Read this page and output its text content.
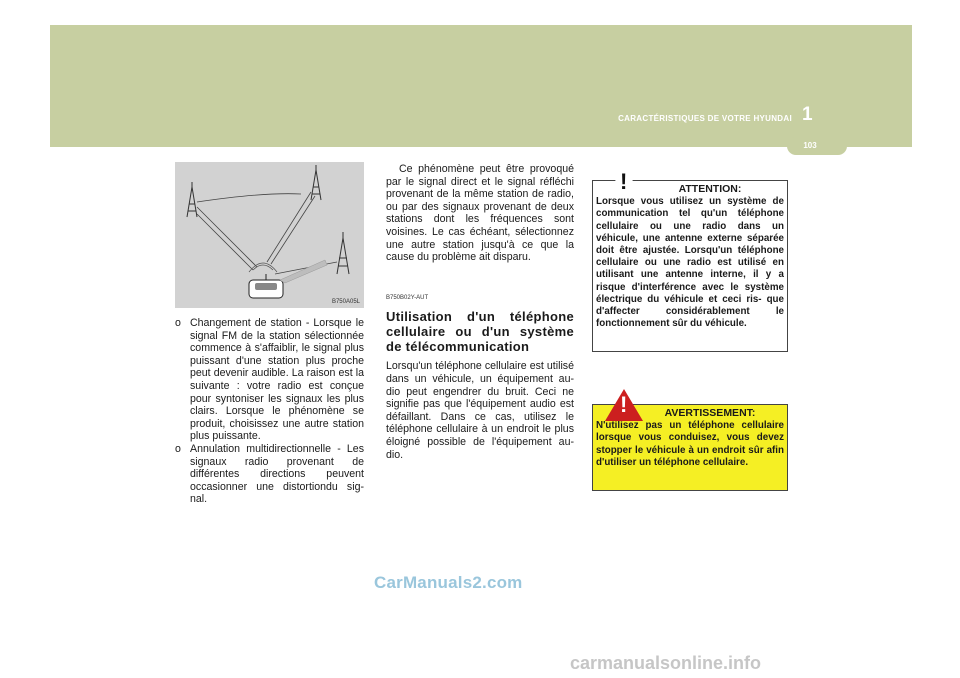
CARACTÉRISTIQUES DE VOTRE HYUNDAI 1
103
B750A05L
o Changement de station - Lorsque le signal FM de la station sélectionnée commence à s'affaiblir, le signal plus puissant d'une station plus proche peut devenir audible. La raison est la suivante : votre radio est conçue pour syntoniser les signaux les plus clairs. Lorsque le phénomène se produit, choisissez une autre station plus puissante.
o Annulation multidirectionnelle - Les signaux radio provenant de différentes directions peuvent occasionner une distortiondu sig- nal.
Ce phénomène peut être provoqué par le signal direct et le signal réfléchi provenant de la même station de radio, ou par des signaux provenant de deux stations dont les fréquences sont voisines. Le cas échéant, sélectionnez une autre station jusqu'à ce que la cause du problème ait disparu.
B750B02Y-AUT
Utilisation d'un téléphone cellulaire ou d'un système de télécommunication
Lorsqu'un téléphone cellulaire est utilisé dans un véhicule, un équipement au- dio peut engendrer du bruit. Ceci ne signifie pas que l'équipement audio est défaillant. Dans ce cas, utilisez le téléphone cellulaire à un endroit le plus éloigné possible de l'équipement au- dio.
!	ATTENTION:
Lorsque vous utilisez un système de communication tel qu'un téléphone cellulaire ou une radio dans un véhicule, une antenne externe séparée doit être ajustée. Lorsqu'un téléphone cellulaire ou une radio est utilisé en utilisant une antenne interne, il y a risque d'interférence avec le système électrique du véhicule et ceci ris- que d'affecter considérablement le fonctionnement sûr du véhicule.
!	AVERTISSEMENT:
N'utilisez pas un téléphone cellulaire lorsque vous conduisez, vous devez stopper le véhicule à un endroit sûr afin d'utiliser un téléphone cellulaire.
CarManuals2.com
carmanualsonline.info
